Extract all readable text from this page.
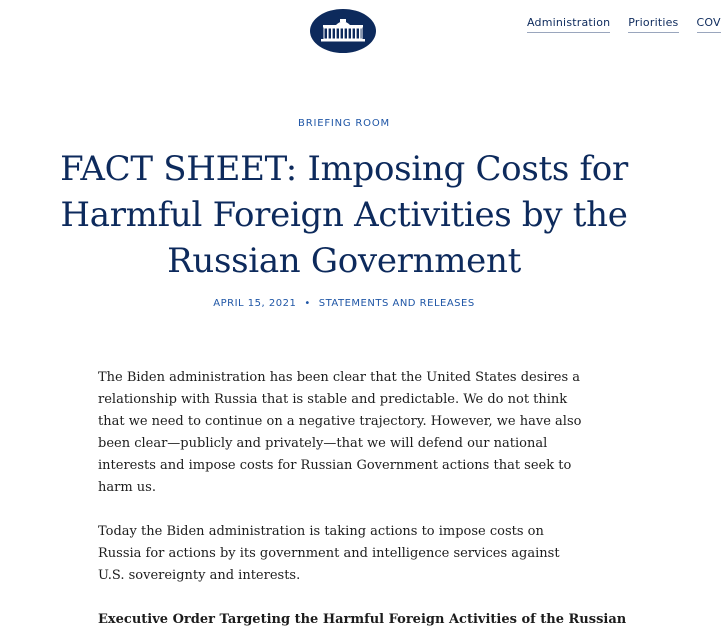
Administration Priorities COV
BRIEFING ROOM
FACT SHEET: Imposing Costs for Harmful Foreign Activities by the Russian Government
APRIL 15, 2021 • STATEMENTS AND RELEASES

The Biden administration has been clear that the United States desires a relationship with Russia that is stable and predictable. We do not think that we need to continue on a negative trajectory. However, we have also been clear—publicly and privately—that we will defend our national interests and impose costs for Russian Government actions that seek to harm us.

Today the Biden administration is taking actions to impose costs on Russia for actions by its government and intelligence services against U.S. sovereignty and interests.

Executive Order Targeting the Harmful Foreign Activities of the Russian
